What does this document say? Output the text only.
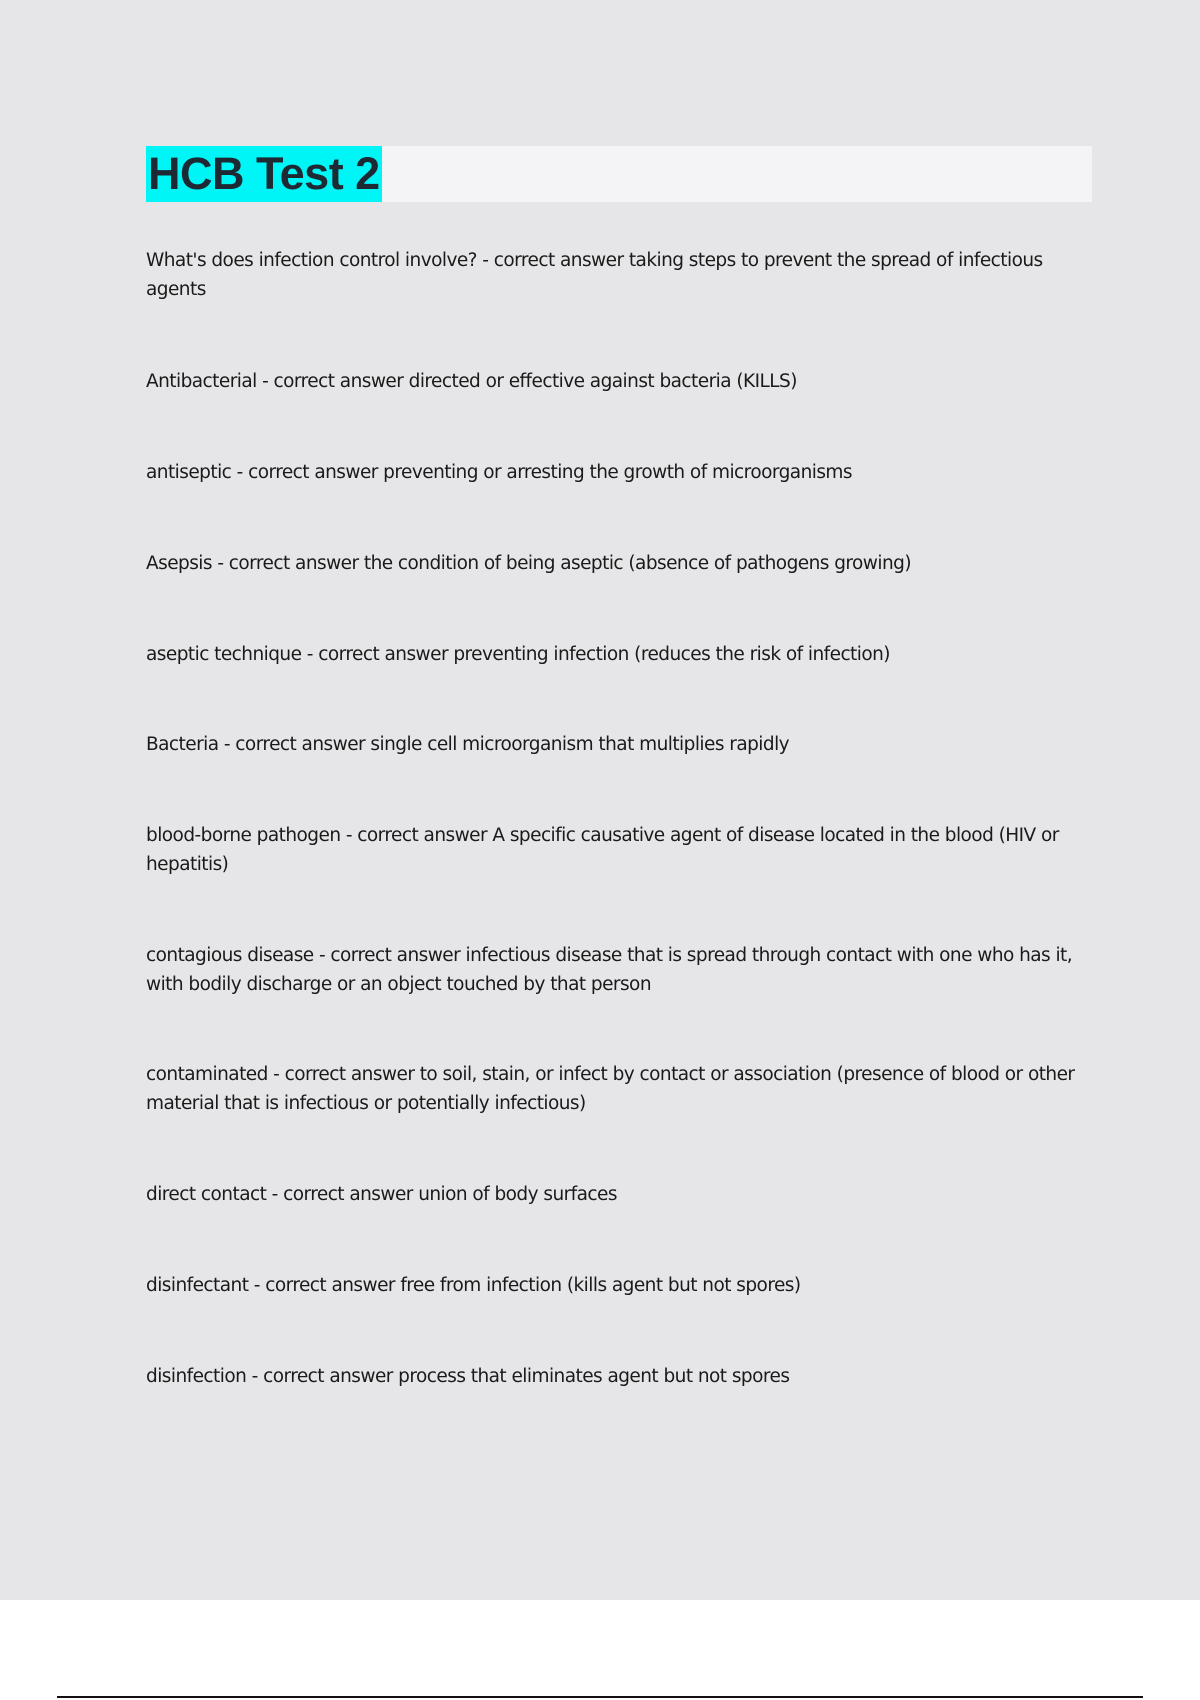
HCB Test 2
What's does infection control involve? - correct answer taking steps to prevent the spread of infectious agents
Antibacterial - correct answer directed or effective against bacteria (KILLS)
antiseptic - correct answer preventing or arresting the growth of microorganisms
Asepsis - correct answer the condition of being aseptic (absence of pathogens growing)
aseptic technique - correct answer preventing infection (reduces the risk of infection)
Bacteria - correct answer single cell microorganism that multiplies rapidly
blood-borne pathogen - correct answer A specific causative agent of disease located in the blood (HIV or hepatitis)
contagious disease - correct answer infectious disease that is spread through contact with one who has it, with bodily discharge or an object touched by that person
contaminated - correct answer to soil, stain, or infect by contact or association (presence of blood or other material that is infectious or potentially infectious)
direct contact - correct answer union of body surfaces
disinfectant - correct answer free from infection (kills agent but not spores)
disinfection - correct answer process that eliminates agent but not spores
